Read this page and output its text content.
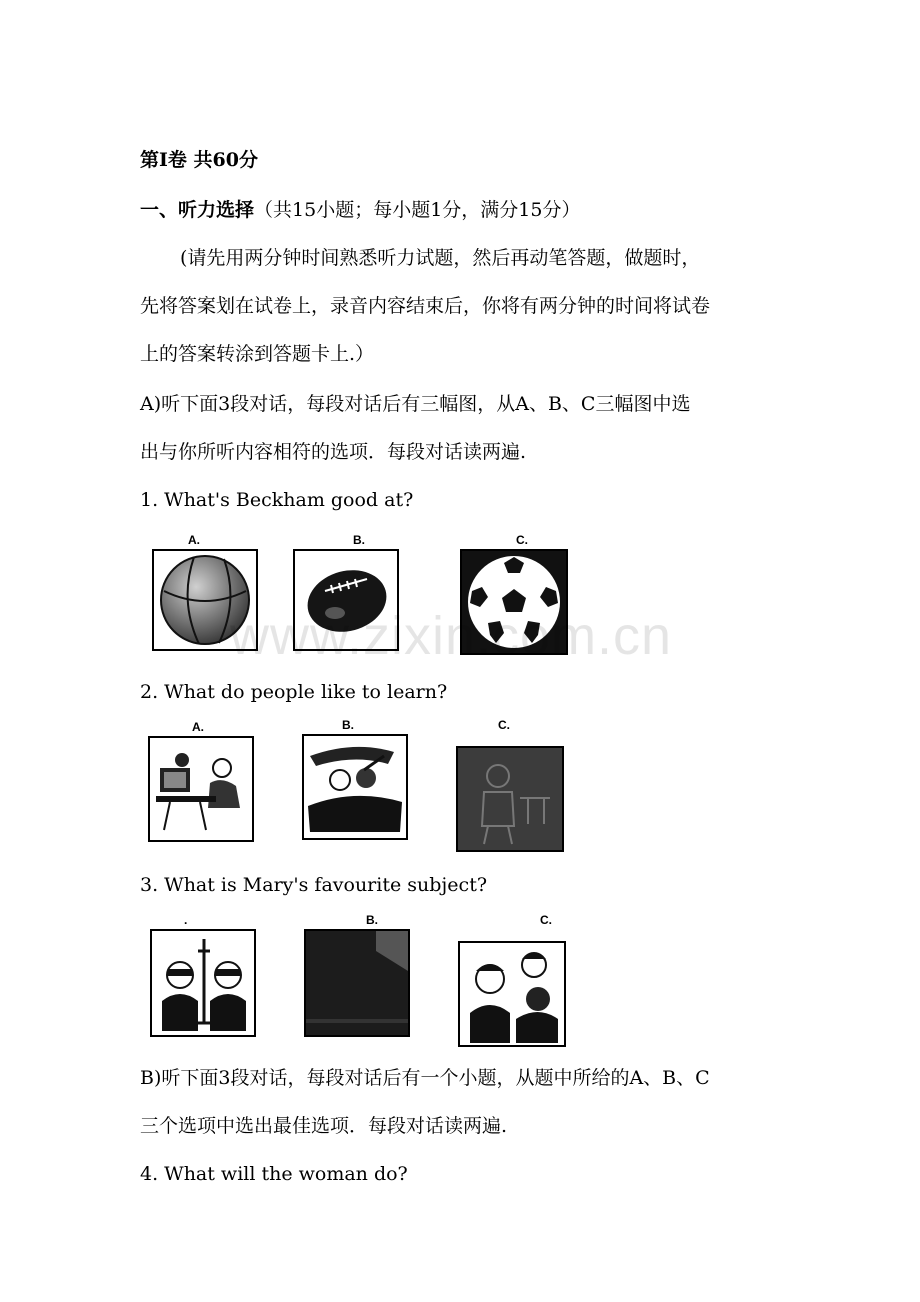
第Ⅰ卷 共60分
一、听力选择（共15小题；每小题1分，满分15分）
(请先用两分钟时间熟悉听力试题，然后再动笔答题，做题时，
先将答案划在试卷上，录音内容结束后，你将有两分钟的时间将试卷
上的答案转涂到答题卡上.）
A)听下面3段对话，每段对话后有三幅图，从A、B、C三幅图中选
出与你所听内容相符的选项．每段对话读两遍.
1. What's Beckham good at?
A.	B.	C.
www.zixin.com.cn
2. What do people like to learn?
A.	B.	C.
3. What is Mary's favourite subject?
.	B.	C.
B)听下面3段对话，每段对话后有一个小题，从题中所给的A、B、C
三个选项中选出最佳选项．每段对话读两遍.
4. What will the woman do?
